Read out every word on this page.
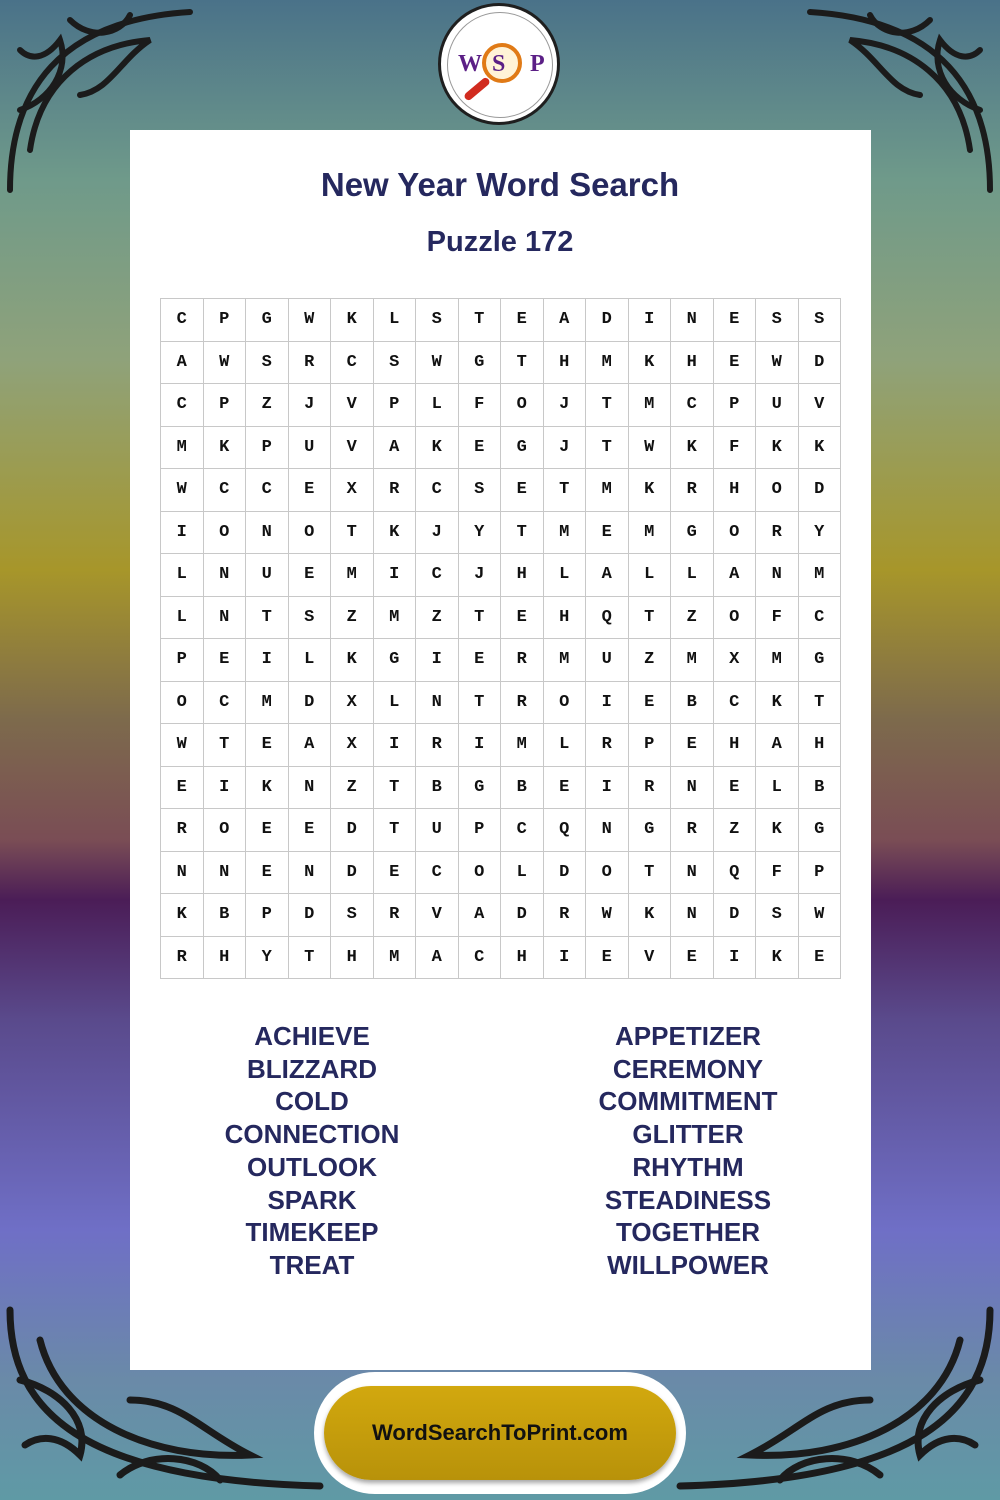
W S P
New Year Word Search
Puzzle 172
C	P	G	W	K	L	S	T	E	A	D	I	N	E	S	S
A	W	S	R	C	S	W	G	T	H	M	K	H	E	W	D
C	P	Z	J	V	P	L	F	O	J	T	M	C	P	U	V
M	K	P	U	V	A	K	E	G	J	T	W	K	F	K	K
W	C	C	E	X	R	C	S	E	T	M	K	R	H	O	D
I	O	N	O	T	K	J	Y	T	M	E	M	G	O	R	Y
L	N	U	E	M	I	C	J	H	L	A	L	L	A	N	M
L	N	T	S	Z	M	Z	T	E	H	Q	T	Z	O	F	C
P	E	I	L	K	G	I	E	R	M	U	Z	M	X	M	G
O	C	M	D	X	L	N	T	R	O	I	E	B	C	K	T
W	T	E	A	X	I	R	I	M	L	R	P	E	H	A	H
E	I	K	N	Z	T	B	G	B	E	I	R	N	E	L	B
R	O	E	E	D	T	U	P	C	Q	N	G	R	Z	K	G
N	N	E	N	D	E	C	O	L	D	O	T	N	Q	F	P
K	B	P	D	S	R	V	A	D	R	W	K	N	D	S	W
R	H	Y	T	H	M	A	C	H	I	E	V	E	I	K	E
ACHIEVE
BLIZZARD
COLD
CONNECTION
OUTLOOK
SPARK
TIMEKEEP
TREAT
APPETIZER
CEREMONY
COMMITMENT
GLITTER
RHYTHM
STEADINESS
TOGETHER
WILLPOWER
WordSearchToPrint.com
